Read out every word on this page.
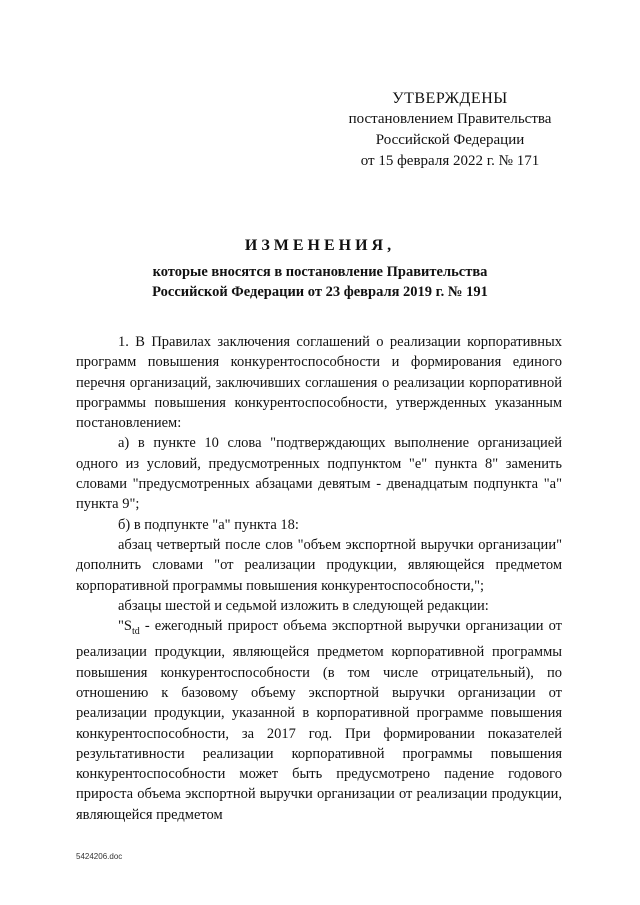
УТВЕРЖДЕНЫ
постановлением Правительства
Российской Федерации
от 15 февраля 2022 г. № 171
ИЗМЕНЕНИЯ,
которые вносятся в постановление Правительства
Российской Федерации от 23 февраля 2019 г. № 191

1. В Правилах заключения соглашений о реализации корпоративных программ повышения конкурентоспособности и формирования единого перечня организаций, заключивших соглашения о реализации корпоративной программы повышения конкурентоспособности, утвержденных указанным постановлением:

а) в пункте 10 слова "подтверждающих выполнение организацией одного из условий, предусмотренных подпунктом "е" пункта 8" заменить словами "предусмотренных абзацами девятым - двенадцатым подпункта "а" пункта 9";

б) в подпункте "а" пункта 18:

абзац четвертый после слов "объем экспортной выручки организации" дополнить словами "от реализации продукции, являющейся предметом корпоративной программы повышения конкурентоспособности,";

абзацы шестой и седьмой изложить в следующей редакции:

"$S_{td}$ - ежегодный прирост объема экспортной выручки организации от реализации продукции, являющейся предметом корпоративной программы повышения конкурентоспособности (в том числе отрицательный), по отношению к базовому объему экспортной выручки организации от реализации продукции, указанной в корпоративной программе повышения конкурентоспособности, за 2017 год. При формировании показателей результативности реализации корпоративной программы повышения конкурентоспособности может быть предусмотрено падение годового прироста объема экспортной выручки организации от реализации продукции, являющейся предметом

5424206.doc
